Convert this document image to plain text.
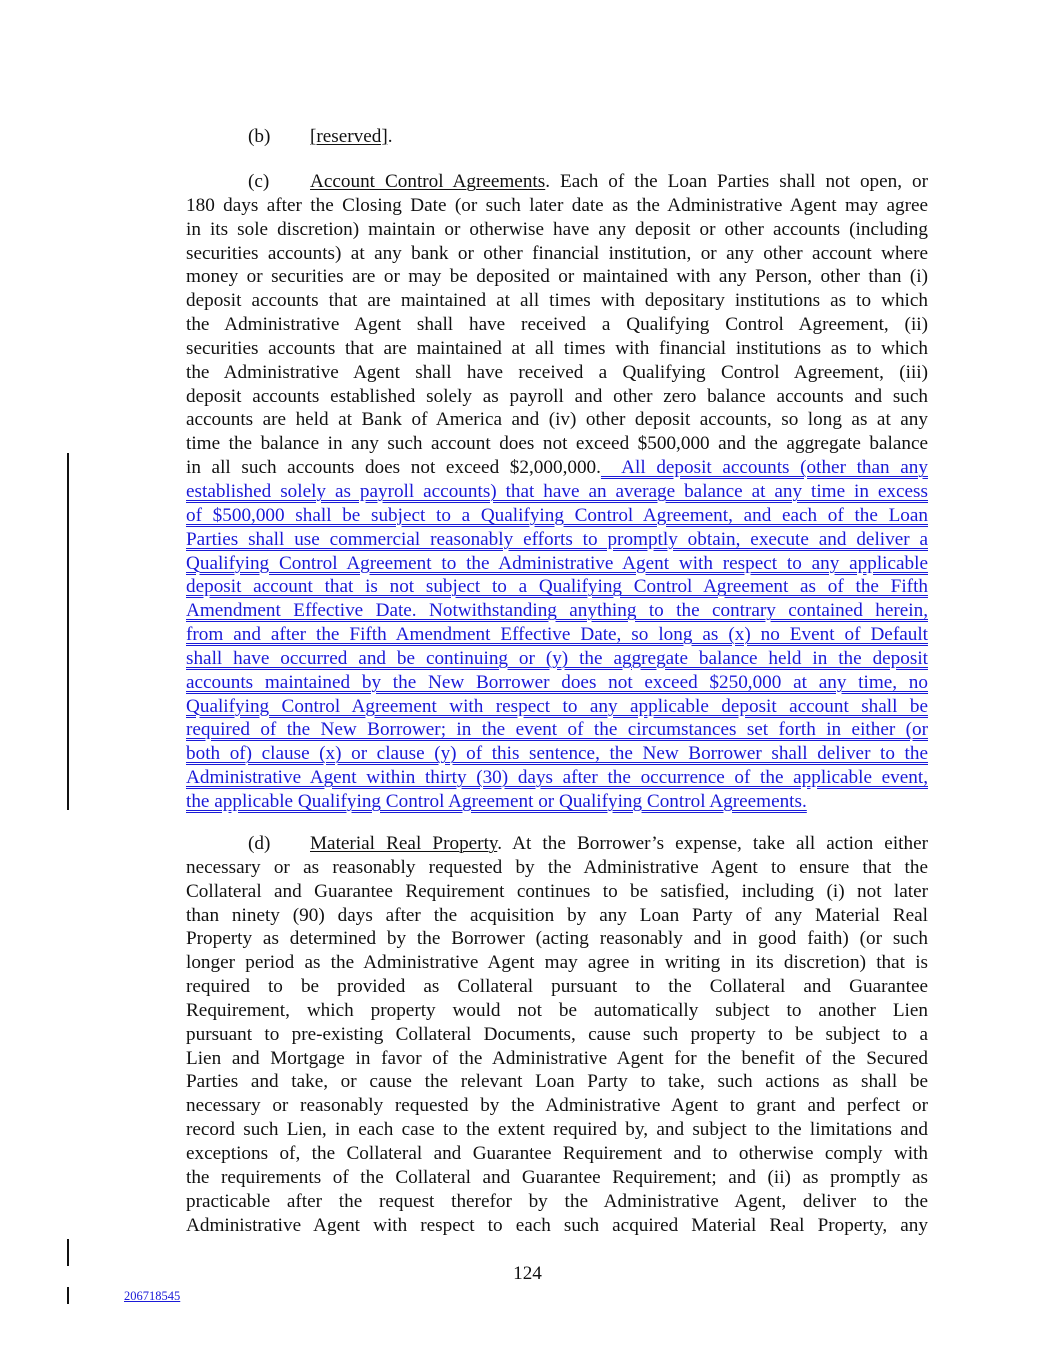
(b) [reserved].
(c) Account Control Agreements. Each of the Loan Parties shall not open, or
180 days after the Closing Date (or such later date as the Administrative Agent may agree
in its sole discretion) maintain or otherwise have any deposit or other accounts (including
securities accounts) at any bank or other financial institution, or any other account where
money or securities are or may be deposited or maintained with any Person, other than (i)
deposit accounts that are maintained at all times with depositary institutions as to which
the Administrative Agent shall have received a Qualifying Control Agreement, (ii)
securities accounts that are maintained at all times with financial institutions as to which
the Administrative Agent shall have received a Qualifying Control Agreement, (iii)
deposit accounts established solely as payroll and other zero balance accounts and such
accounts are held at Bank of America and (iv) other deposit accounts, so long as at any
time the balance in any such account does not exceed $500,000 and the aggregate balance
in all such accounts does not exceed $2,000,000.  All deposit accounts (other than any
established solely as payroll accounts) that have an average balance at any time in excess
of $500,000 shall be subject to a Qualifying Control Agreement, and each of the Loan
Parties shall use commercial reasonably efforts to promptly obtain, execute and deliver a
Qualifying Control Agreement to the Administrative Agent with respect to any applicable
deposit account that is not subject to a Qualifying Control Agreement as of the Fifth
Amendment Effective Date. Notwithstanding anything to the contrary contained herein,
from and after the Fifth Amendment Effective Date, so long as (x) no Event of Default
shall have occurred and be continuing or (y) the aggregate balance held in the deposit
accounts maintained by the New Borrower does not exceed $250,000 at any time, no
Qualifying Control Agreement with respect to any applicable deposit account shall be
required of the New Borrower; in the event of the circumstances set forth in either (or
both of) clause (x) or clause (y) of this sentence, the New Borrower shall deliver to the
Administrative Agent within thirty (30) days after the occurrence of the applicable event,
the applicable Qualifying Control Agreement or Qualifying Control Agreements.
(d) Material Real Property. At the Borrower’s expense, take all action either
necessary or as reasonably requested by the Administrative Agent to ensure that the
Collateral and Guarantee Requirement continues to be satisfied, including (i) not later
than ninety (90) days after the acquisition by any Loan Party of any Material Real
Property as determined by the Borrower (acting reasonably and in good faith) (or such
longer period as the Administrative Agent may agree in writing in its discretion) that is
required to be provided as Collateral pursuant to the Collateral and Guarantee
Requirement, which property would not be automatically subject to another Lien
pursuant to pre-existing Collateral Documents, cause such property to be subject to a
Lien and Mortgage in favor of the Administrative Agent for the benefit of the Secured
Parties and take, or cause the relevant Loan Party to take, such actions as shall be
necessary or reasonably requested by the Administrative Agent to grant and perfect or
record such Lien, in each case to the extent required by, and subject to the limitations and
exceptions of, the Collateral and Guarantee Requirement and to otherwise comply with
the requirements of the Collateral and Guarantee Requirement; and (ii) as promptly as
practicable after the request therefor by the Administrative Agent, deliver to the
Administrative Agent with respect to each such acquired Material Real Property, any
124
206718545
